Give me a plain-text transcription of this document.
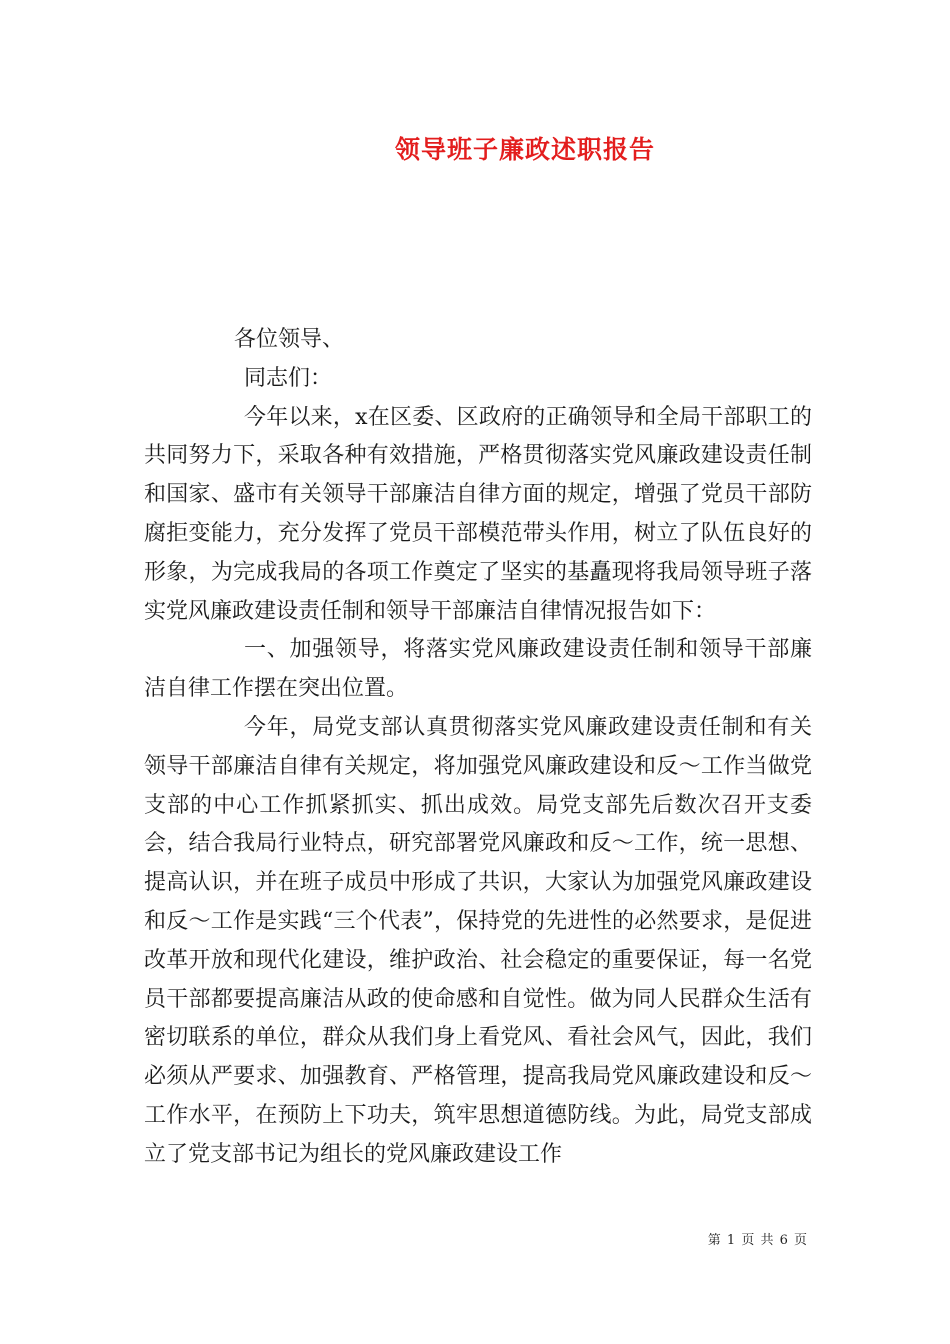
领导班子廉政述职报告

各位领导、

同志们：

今年以来，x在区委、区政府的正确领导和全局干部职工的共同努力下，采取各种有效措施，严格贯彻落实党风廉政建设责任制和国家、盛市有关领导干部廉洁自律方面的规定，增强了党员干部防腐拒变能力，充分发挥了党员干部模范带头作用，树立了队伍良好的形象，为完成我局的各项工作奠定了坚实的基矗现将我局领导班子落实党风廉政建设责任制和领导干部廉洁自律情况报告如下：

一、加强领导，将落实党风廉政建设责任制和领导干部廉洁自律工作摆在突出位置。

今年，局党支部认真贯彻落实党风廉政建设责任制和有关领导干部廉洁自律有关规定，将加强党风廉政建设和反～工作当做党支部的中心工作抓紧抓实、抓出成效。局党支部先后数次召开支委会，结合我局行业特点，研究部署党风廉政和反～工作，统一思想、提高认识，并在班子成员中形成了共识，大家认为加强党风廉政建设和反～工作是实践“三个代表”，保持党的先进性的必然要求，是促进改革开放和现代化建设，维护政治、社会稳定的重要保证，每一名党员干部都要提高廉洁从政的使命感和自觉性。做为同人民群众生活有密切联系的单位，群众从我们身上看党风、看社会风气，因此，我们必须从严要求、加强教育、严格管理，提高我局党风廉政建设和反～工作水平，在预防上下功夫，筑牢思想道德防线。为此，局党支部成立了党支部书记为组长的党风廉政建设工作

第 1 页 共 6 页
